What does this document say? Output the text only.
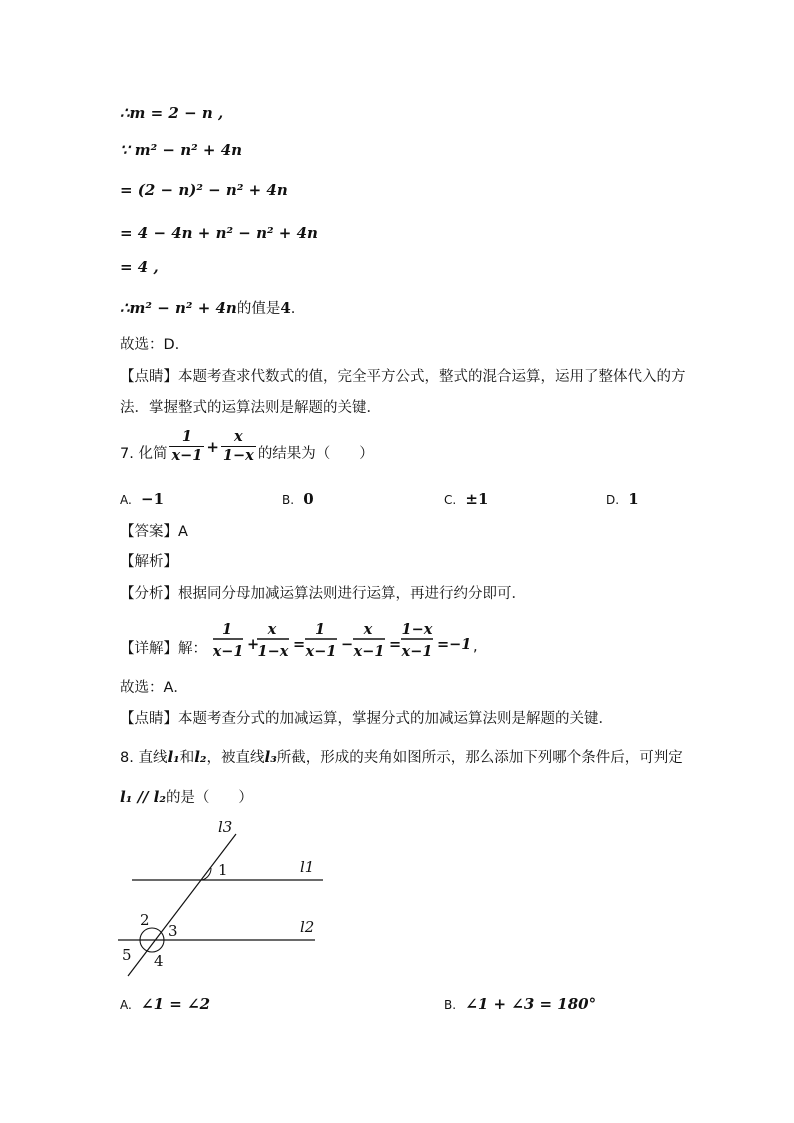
∴m = 2 − n ,
∵ m² − n² + 4n
= (2 − n)² − n² + 4n
= 4 − 4n + n² − n² + 4n
= 4 ,
∴m² − n² + 4n的值是4.
故选：D.
【点睛】本题考查求代数式的值，完全平方公式，整式的混合运算，运用了整体代入的方
法．掌握整式的运算法则是解题的关键．
7. 化简 $\frac{1}{x-1} + \frac{x}{1-x}$ 的结果为（　　）
A. −1	B. 0	C. ±1	D. 1
【答案】A
【解析】
【分析】根据同分母加减运算法则进行运算，再进行约分即可．
【详解】解：
1
x−1 +
x
1−x =
1
x−1 −
x
x−1 =
1−x
x−1 =−1 ,
故选：A．
【点睛】本题考查分式的加减运算，掌握分式的加减运算法则是解题的关键．
8. 直线l₁和l₂，被直线l₃所截，形成的夹角如图所示，那么添加下列哪个条件后，可判定
l₁ // l₂的是（　　）
l3
1	l1
2
3	l2
5 4
A. ∠1 = ∠2	B. ∠1 + ∠3 = 180°
